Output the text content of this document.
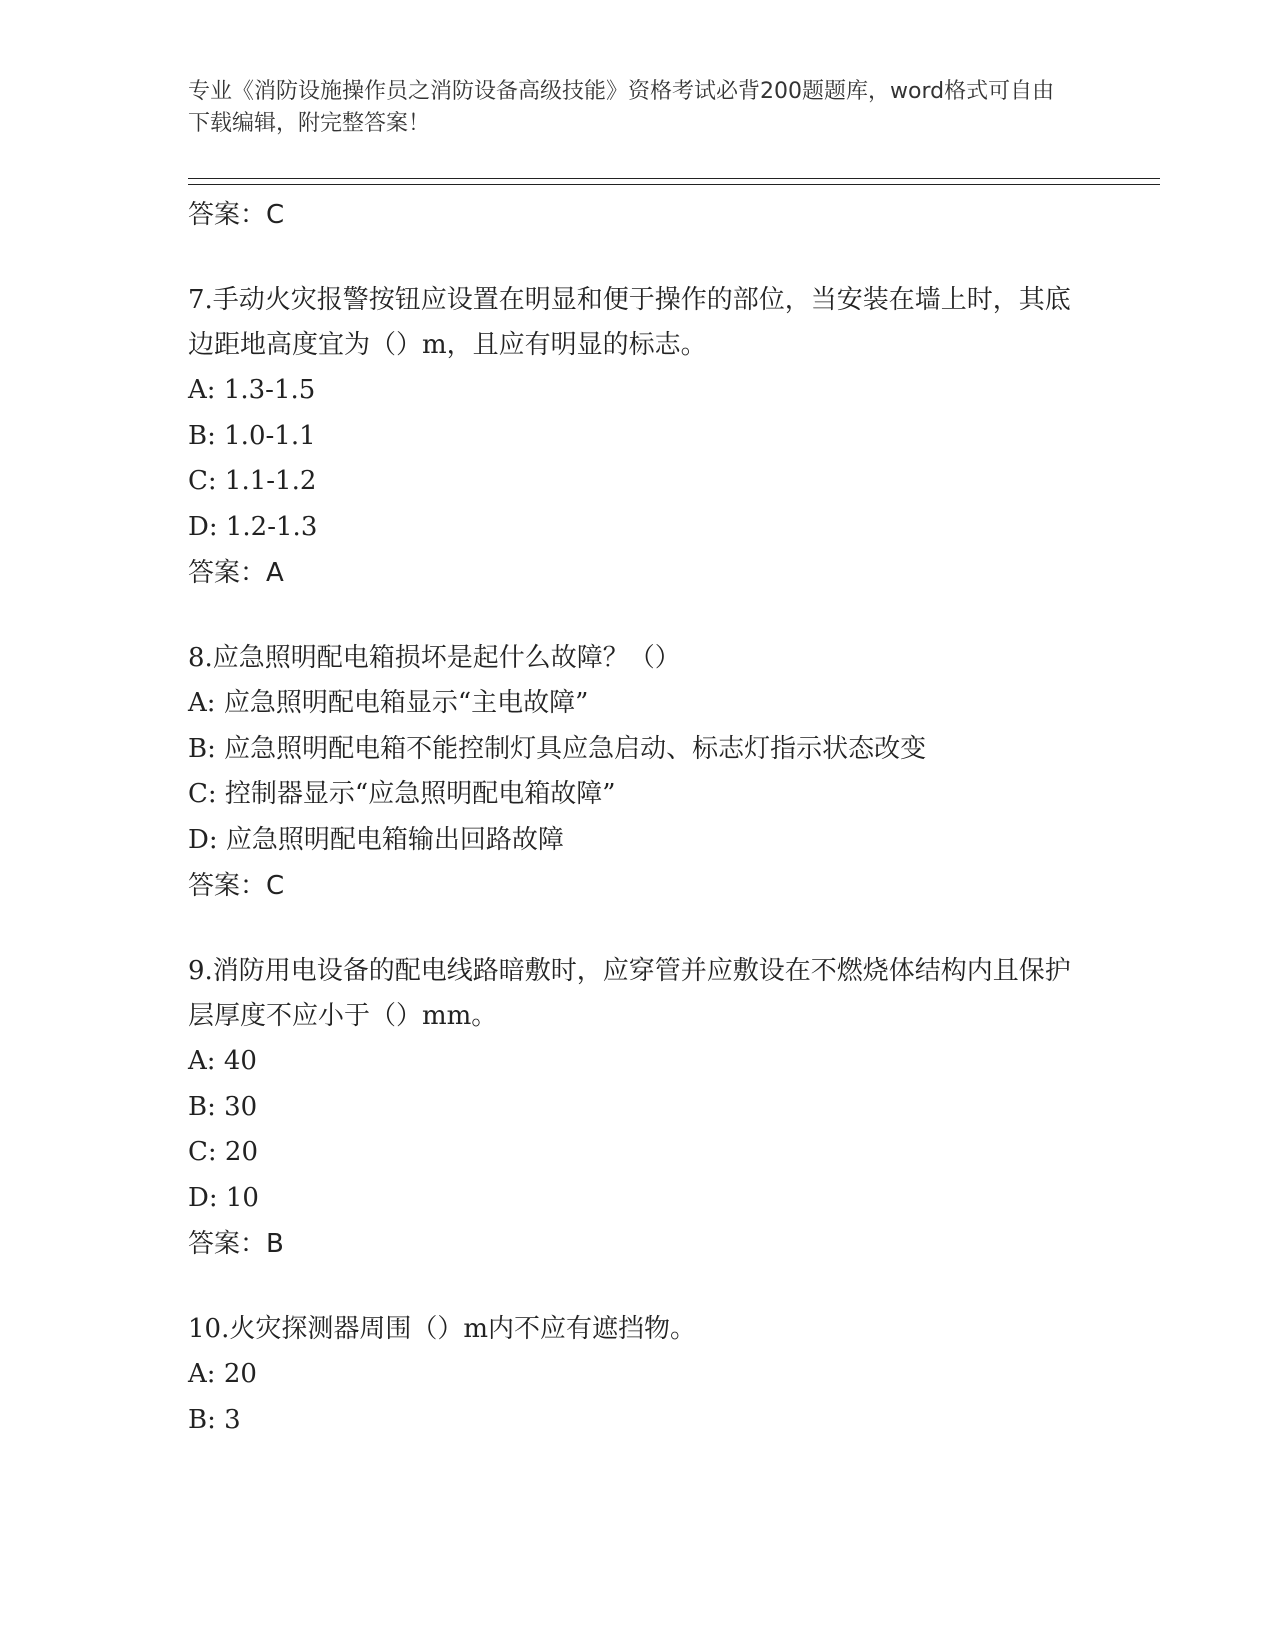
专业《消防设施操作员之消防设备高级技能》资格考试必背200题题库，word格式可自由下载编辑，附完整答案！
答案：C
7.手动火灾报警按钮应设置在明显和便于操作的部位，当安装在墙上时，其底边距地高度宜为（）m，且应有明显的标志。
A: 1.3-1.5
B: 1.0-1.1
C: 1.1-1.2
D: 1.2-1.3
答案：A
8.应急照明配电箱损坏是起什么故障？（）
A: 应急照明配电箱显示“主电故障”
B: 应急照明配电箱不能控制灯具应急启动、标志灯指示状态改变
C: 控制器显示“应急照明配电箱故障”
D: 应急照明配电箱输出回路故障
答案：C
9.消防用电设备的配电线路暗敷时，应穿管并应敷设在不燃烧体结构内且保护层厚度不应小于（）mm。
A: 40
B: 30
C: 20
D: 10
答案：B
10.火灾探测器周围（）m内不应有遮挡物。
A: 20
B: 3
